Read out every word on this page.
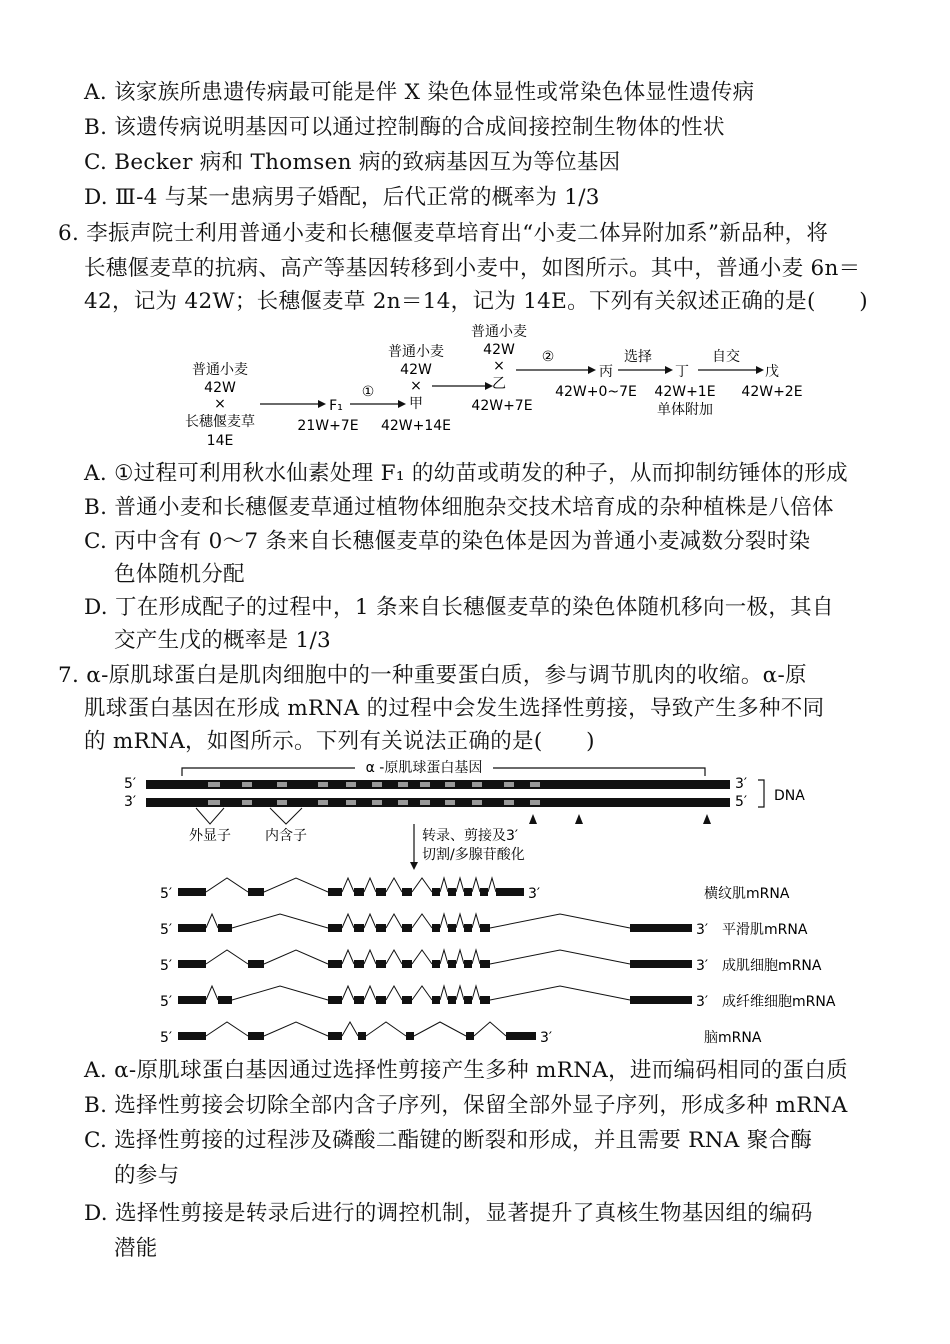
A. 该家族所患遗传病最可能是伴 X 染色体显性或常染色体显性遗传病
B. 该遗传病说明基因可以通过控制酶的合成间接控制生物体的性状
C. Becker 病和 Thomsen 病的致病基因互为等位基因
D. Ⅲ-4 与某一患病男子婚配，后代正常的概率为 1/3
6. 李振声院士利用普通小麦和长穗偃麦草培育出“小麦二体异附加系”新品种，将
长穗偃麦草的抗病、高产等基因转移到小麦中，如图所示。其中，普通小麦 6n＝
42，记为 42W；长穗偃麦草 2n＝14，记为 14E。下列有关叙述正确的是(　　)
普通小麦
42W
×
长穗偃麦草
14E
F₁
21W+7E
①
普通小麦
42W
×
甲
42W+14E
普通小麦
42W
×
乙
42W+7E
②
丙
42W+0~7E
选择
丁
42W+1E
单体附加
自交
戊
42W+2E
A. ①过程可利用秋水仙素处理 F₁ 的幼苗或萌发的种子，从而抑制纺锤体的形成
B. 普通小麦和长穗偃麦草通过植物体细胞杂交技术培育成的杂种植株是八倍体
C. 丙中含有 0～7 条来自长穗偃麦草的染色体是因为普通小麦减数分裂时染
色体随机分配
D. 丁在形成配子的过程中，1 条来自长穗偃麦草的染色体随机移向一极，其自
交产生戊的概率是 1/3
7. α-原肌球蛋白是肌肉细胞中的一种重要蛋白质，参与调节肌肉的收缩。α-原
肌球蛋白基因在形成 mRNA 的过程中会发生选择性剪接，导致产生多种不同
的 mRNA，如图所示。下列有关说法正确的是(　　)
α -原肌球蛋白基因
5′
3′
3′
5′ DNA
外显子 内含子	转录、剪接及3′
切割/多腺苷酸化
5′	3′	横纹肌mRNA
5′	3′ 平滑肌mRNA
5′	3′ 成肌细胞mRNA
5′	3′ 成纤维细胞mRNA
5′	3′	脑mRNA
A. α-原肌球蛋白基因通过选择性剪接产生多种 mRNA，进而编码相同的蛋白质
B. 选择性剪接会切除全部内含子序列，保留全部外显子序列，形成多种 mRNA
C. 选择性剪接的过程涉及磷酸二酯键的断裂和形成，并且需要 RNA 聚合酶
的参与
D. 选择性剪接是转录后进行的调控机制，显著提升了真核生物基因组的编码
潜能
